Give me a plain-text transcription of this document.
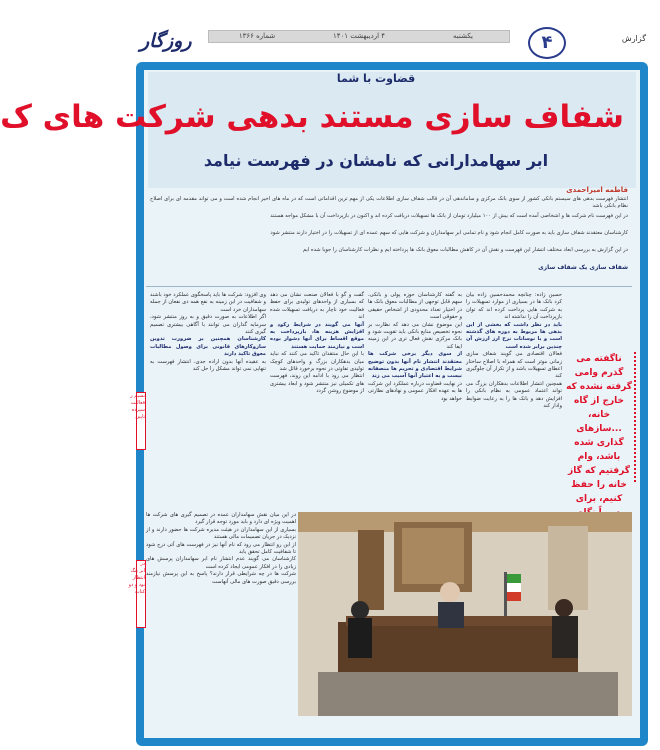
روزگار	یکشنبه
۴ اردیبهشت ۱۴۰۱
شماره ۱۳۶۶	۴	گزارش
قضاوت با شما
شفاف سازی مستند بدهی شرکت های ک
ابر سهامدارانی که نامشان در فهرست نیامد
فاطمه امیراحمدی
انتشار فهرست بدهی های سیستم بانکی کشور از سوی بانک مرکزی و ساماندهی آن در قالب شفاف سازی اطلاعات یکی از مهم ترین اقداماتی است که در ماه های اخیر انجام شده است و می تواند مقدمه ای برای اصلاح نظام بانکی باشد
در این فهرست نام شرکت ها و اشخاصی آمده است که بیش از ۱۰۰ میلیارد تومان از بانک ها تسهیلات دریافت کرده اند و اکنون در بازپرداخت آن با مشکل مواجه هستند
کارشناسان معتقدند شفاف سازی باید به صورت کامل انجام شود و نام تمامی ابر سهامداران و شرکت هایی که سهم عمده ای از تسهیلات را در اختیار دارند منتشر شود
در این گزارش به بررسی ابعاد مختلف انتشار این فهرست و نقش آن در کاهش مطالبات معوق بانک ها پرداخته ایم و نظرات کارشناسان را جویا شده ایم
شفاف سازی یک شفاف سازی

حسین زاده: چنانچه محمدحسین زاده بیان کرد بانک ها در بسیاری از موارد تسهیلات را به شرکت هایی پرداخت کرده اند که توان بازپرداخت آن را نداشته اند

باید در نظر داشت که بخشی از این بدهی ها مربوط به دوره های گذشته است و با نوسانات نرخ ارز ارزش آن چندین برابر شده است

فعالان اقتصادی می گویند شفاف سازی زمانی موثر است که همراه با اصلاح ساختار اعطای تسهیلات باشد و از تکرار آن جلوگیری کند

همچنین انتشار اطلاعات بدهکاران بزرگ می تواند اعتماد عمومی به نظام بانکی را افزایش دهد و بانک ها را به رعایت ضوابط وادار کند

به گفته کارشناسان حوزه پولی و بانکی، سهم قابل توجهی از مطالبات معوق بانک ها در اختیار تعداد محدودی از اشخاص حقیقی و حقوقی است

این موضوع نشان می دهد که نظارت بر نحوه تخصیص منابع بانکی باید تقویت شود و بانک مرکزی نقش فعال تری در این زمینه ایفا کند

از سوی دیگر برخی شرکت ها معتقدند انتشار نام آنها بدون توضیح شرایط اقتصادی و تحریم ها منصفانه نیست و به اعتبار آنها آسیب می زند

در نهایت قضاوت درباره عملکرد این شرکت ها به عهده افکار عمومی و نهادهای نظارتی خواهد بود

گفت و گو با فعالان صنعت نشان می دهد که بسیاری از واحدهای تولیدی برای حفظ فعالیت خود ناچار به دریافت تسهیلات شده اند

آنها می گویند در شرایط رکود و افزایش هزینه ها، بازپرداخت به موقع اقساط برای آنها دشوار بوده است و نیازمند حمایت هستند

با این حال منتقدان تاکید می کنند که نباید میان بدهکاران بزرگ و واحدهای کوچک تولیدی تفاوتی در نحوه برخورد قائل شد

انتظار می رود با ادامه این روند، فهرست های تکمیلی نیز منتشر شود و ابعاد بیشتری از موضوع روشن گردد

وی افزود: شرکت ها باید پاسخگوی عملکرد خود باشند و شفافیت در این زمینه به نفع همه ذی نفعان از جمله سهامداران خرد است

اگر اطلاعات به صورت دقیق و به روز منتشر شود، سرمایه گذاران می توانند با آگاهی بیشتری تصمیم گیری کنند

کارشناسان همچنین بر ضرورت تدوین سازوکارهای قانونی برای وصول مطالبات معوق تاکید دارند

به عقیده آنها بدون اراده جدی، انتشار فهرست به تنهایی نمی تواند مشکل را حل کند

ناگفته می گذرم وامی گرفته نشده که خارج از گاه خانه، ...سازهای گذاری شده باشد، وام گرفتیم که گاز خانه را حفظ کنیم، برای

در این میان نقش سهامداران عمده در تصمیم گیری های شرکت ها اهمیت ویژه ای دارد و باید مورد توجه قرار گیرد

بسیاری از این سهامداران در هیئت مدیره شرکت ها حضور دارند و از نزدیک در جریان تصمیمات مالی هستند

از این رو انتظار می رود که نام آنها نیز در فهرست های آتی درج شود تا شفافیت کامل تحقق یابد

کارشناسان می گویند عدم انتشار نام ابر سهامداران پرسش های زیادی را در افکار عمومی ایجاد کرده است

شرکت ها در چه شرایطی قرار دارند؟ پاسخ به این پرسش نیازمند بررسی دقیق صورت های مالی آنهاست

نسیم ر
فعالیت
سپرده
تاپین
در
ابر بنگ
انتظار
نود و دو
کنات
